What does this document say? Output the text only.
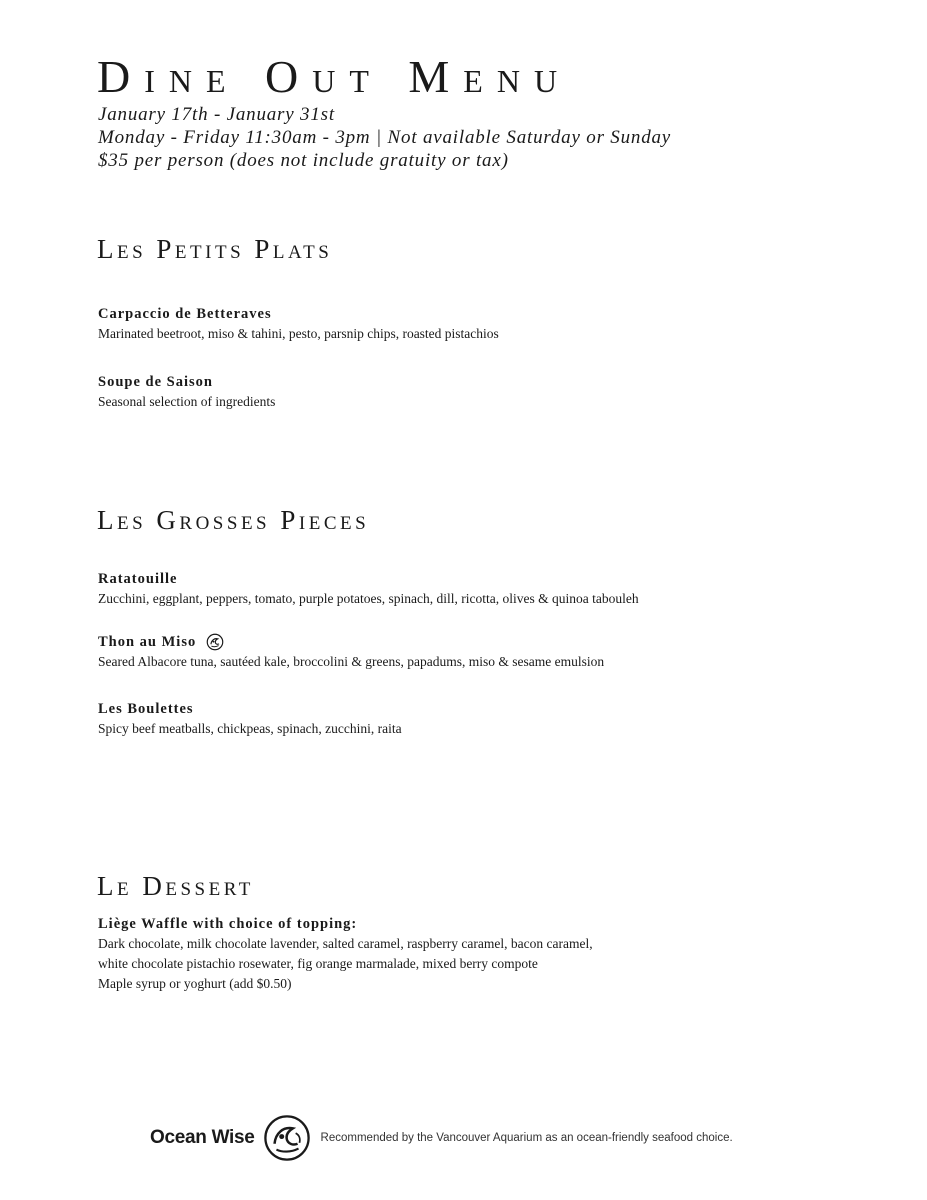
Dine Out Menu
January 17th - January 31st
Monday - Friday 11:30am - 3pm | Not available Saturday or Sunday
$35 per person (does not include gratuity or tax)
Les Petits Plats
Carpaccio de Betteraves
Marinated beetroot, miso & tahini, pesto, parsnip chips, roasted pistachios
Soupe de Saison
Seasonal selection of ingredients
Les Grosses Pieces
Ratatouille
Zucchini, eggplant, peppers, tomato, purple potatoes, spinach, dill, ricotta, olives & quinoa tabouleh
Thon au Miso
Seared Albacore tuna, sautéed kale, broccolini & greens, papadums, miso & sesame emulsion
Les Boulettes
Spicy beef meatballs, chickpeas, spinach, zucchini, raita
Le Dessert
Liège Waffle with choice of topping:
Dark chocolate, milk chocolate lavender, salted caramel, raspberry caramel, bacon caramel,
white chocolate pistachio rosewater, fig orange marmalade, mixed berry compote
Maple syrup or yoghurt (add $0.50)
Ocean Wise	Recommended by the Vancouver Aquarium as an ocean-friendly seafood choice.
